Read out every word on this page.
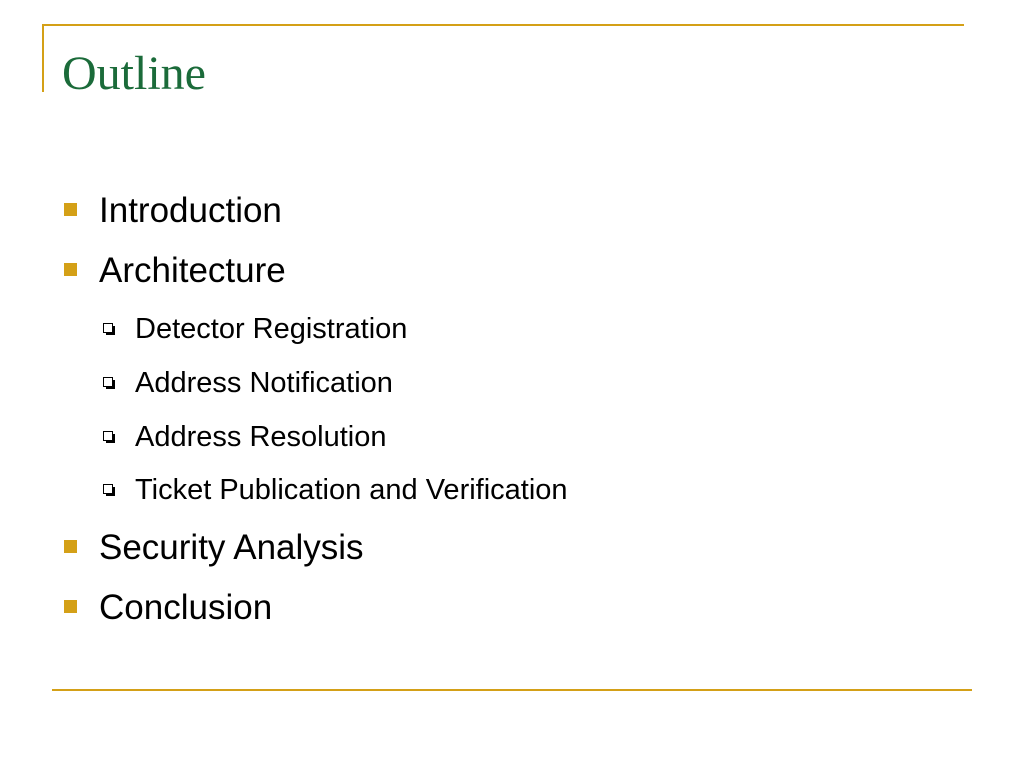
Outline
Introduction
Architecture
Detector Registration
Address Notification
Address Resolution
Ticket Publication and Verification
Security Analysis
Conclusion
